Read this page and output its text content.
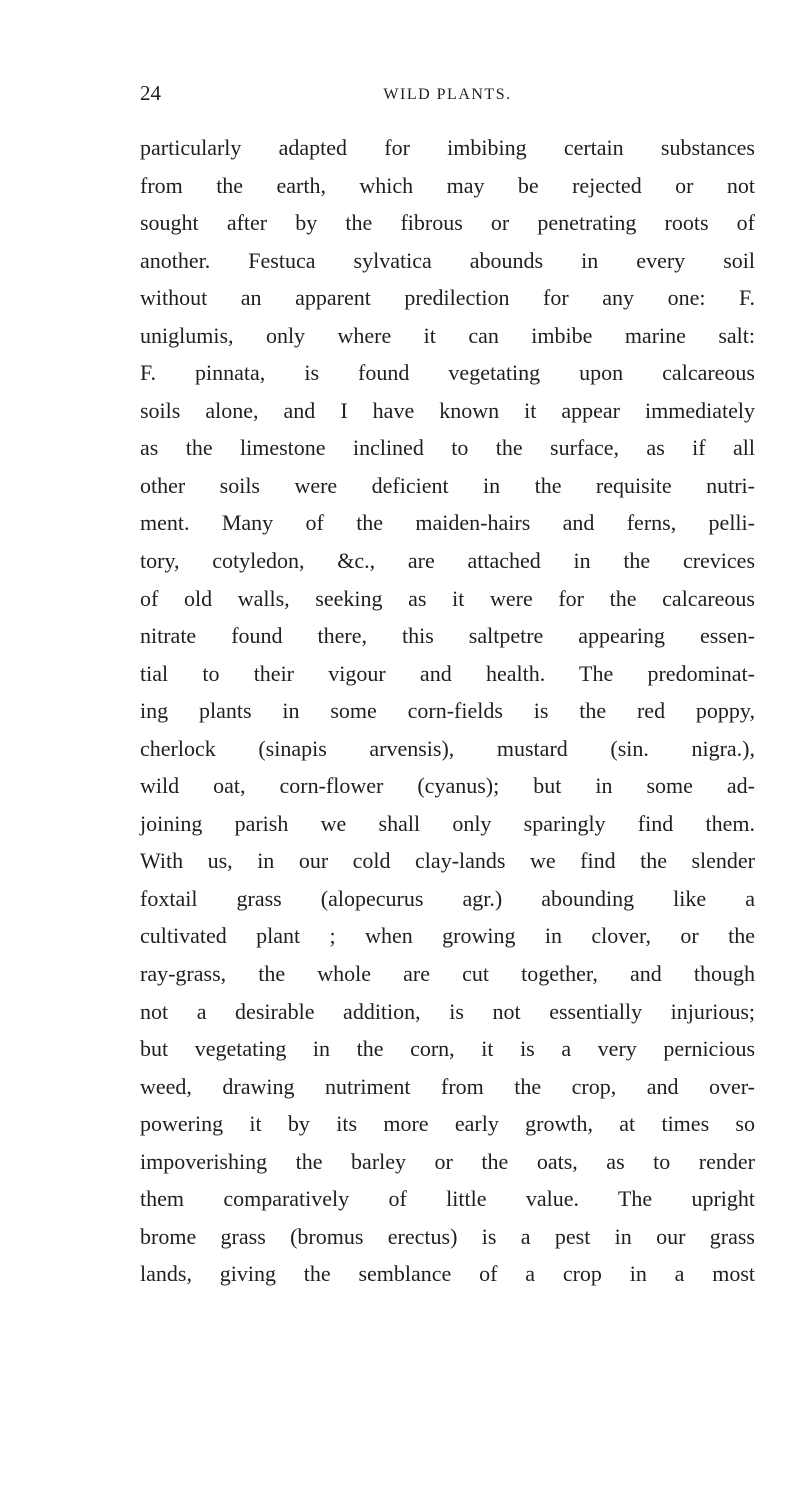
24	WILD PLANTS.
particularly adapted for imbibing certain substances
from the earth, which may be rejected or not
sought after by the fibrous or penetrating roots of
another. Festuca sylvatica abounds in every soil
without an apparent predilection for any one: F.
uniglumis, only where it can imbibe marine salt:
F. pinnata, is found vegetating upon calcareous
soils alone, and I have known it appear immediately
as the limestone inclined to the surface, as if all
other soils were deficient in the requisite nutri-
ment. Many of the maiden-hairs and ferns, pelli-
tory, cotyledon, &c., are attached in the crevices
of old walls, seeking as it were for the calcareous
nitrate found there, this saltpetre appearing essen-
tial to their vigour and health. The predominat-
ing plants in some corn-fields is the red poppy,
cherlock (sinapis arvensis), mustard (sin. nigra.),
wild oat, corn-flower (cyanus); but in some ad-
joining parish we shall only sparingly find them.
With us, in our cold clay-lands we find the slender
foxtail grass (alopecurus agr.) abounding like a
cultivated plant ; when growing in clover, or the
ray-grass, the whole are cut together, and though
not a desirable addition, is not essentially injurious;
but vegetating in the corn, it is a very pernicious
weed, drawing nutriment from the crop, and over-
powering it by its more early growth, at times so
impoverishing the barley or the oats, as to render
them comparatively of little value. The upright
brome grass (bromus erectus) is a pest in our grass
lands, giving the semblance of a crop in a most
